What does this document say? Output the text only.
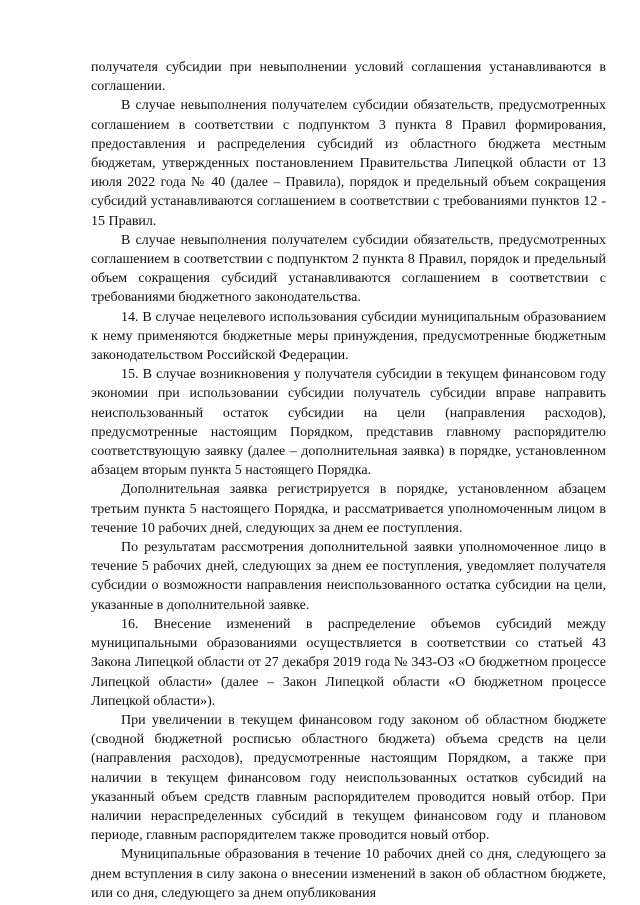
получателя субсидии при невыполнении условий соглашения устанавливаются в соглашении.

В случае невыполнения получателем субсидии обязательств, предусмотренных соглашением в соответствии с подпунктом 3 пункта 8 Правил формирования, предоставления и распределения субсидий из областного бюджета местным бюджетам, утвержденных постановлением Правительства Липецкой области от 13 июля 2022 года № 40 (далее – Правила), порядок и предельный объем сокращения субсидий устанавливаются соглашением в соответствии с требованиями пунктов 12 - 15 Правил.

В случае невыполнения получателем субсидии обязательств, предусмотренных соглашением в соответствии с подпунктом 2 пункта 8 Правил, порядок и предельный объем сокращения субсидий устанавливаются соглашением в соответствии с требованиями бюджетного законодательства.

14. В случае нецелевого использования субсидии муниципальным образованием к нему применяются бюджетные меры принуждения, предусмотренные бюджетным законодательством Российской Федерации.

15. В случае возникновения у получателя субсидии в текущем финансовом году экономии при использовании субсидии получатель субсидии вправе направить неиспользованный остаток субсидии на цели (направления расходов), предусмотренные настоящим Порядком, представив главному распорядителю соответствующую заявку (далее – дополнительная заявка) в порядке, установленном абзацем вторым пункта 5 настоящего Порядка.

Дополнительная заявка регистрируется в порядке, установленном абзацем третьим пункта 5 настоящего Порядка, и рассматривается уполномоченным лицом в течение 10 рабочих дней, следующих за днем ее поступления.

По результатам рассмотрения дополнительной заявки уполномоченное лицо в течение 5 рабочих дней, следующих за днем ее поступления, уведомляет получателя субсидии о возможности направления неиспользованного остатка субсидии на цели, указанные в дополнительной заявке.

16. Внесение изменений в распределение объемов субсидий между муниципальными образованиями осуществляется в соответствии со статьей 43 Закона Липецкой области от 27 декабря 2019 года № 343-ОЗ «О бюджетном процессе Липецкой области» (далее – Закон Липецкой области «О бюджетном процессе Липецкой области»).

При увеличении в текущем финансовом году законом об областном бюджете (сводной бюджетной росписью областного бюджета) объема средств на цели (направления расходов), предусмотренные настоящим Порядком, а также при наличии в текущем финансовом году неиспользованных остатков субсидий на указанный объем средств главным распорядителем проводится новый отбор. При наличии нераспределенных субсидий в текущем финансовом году и плановом периоде, главным распорядителем также проводится новый отбор.

Муниципальные образования в течение 10 рабочих дней со дня, следующего за днем вступления в силу закона о внесении изменений в закон об областном бюджете, или со дня, следующего за днем опубликования
